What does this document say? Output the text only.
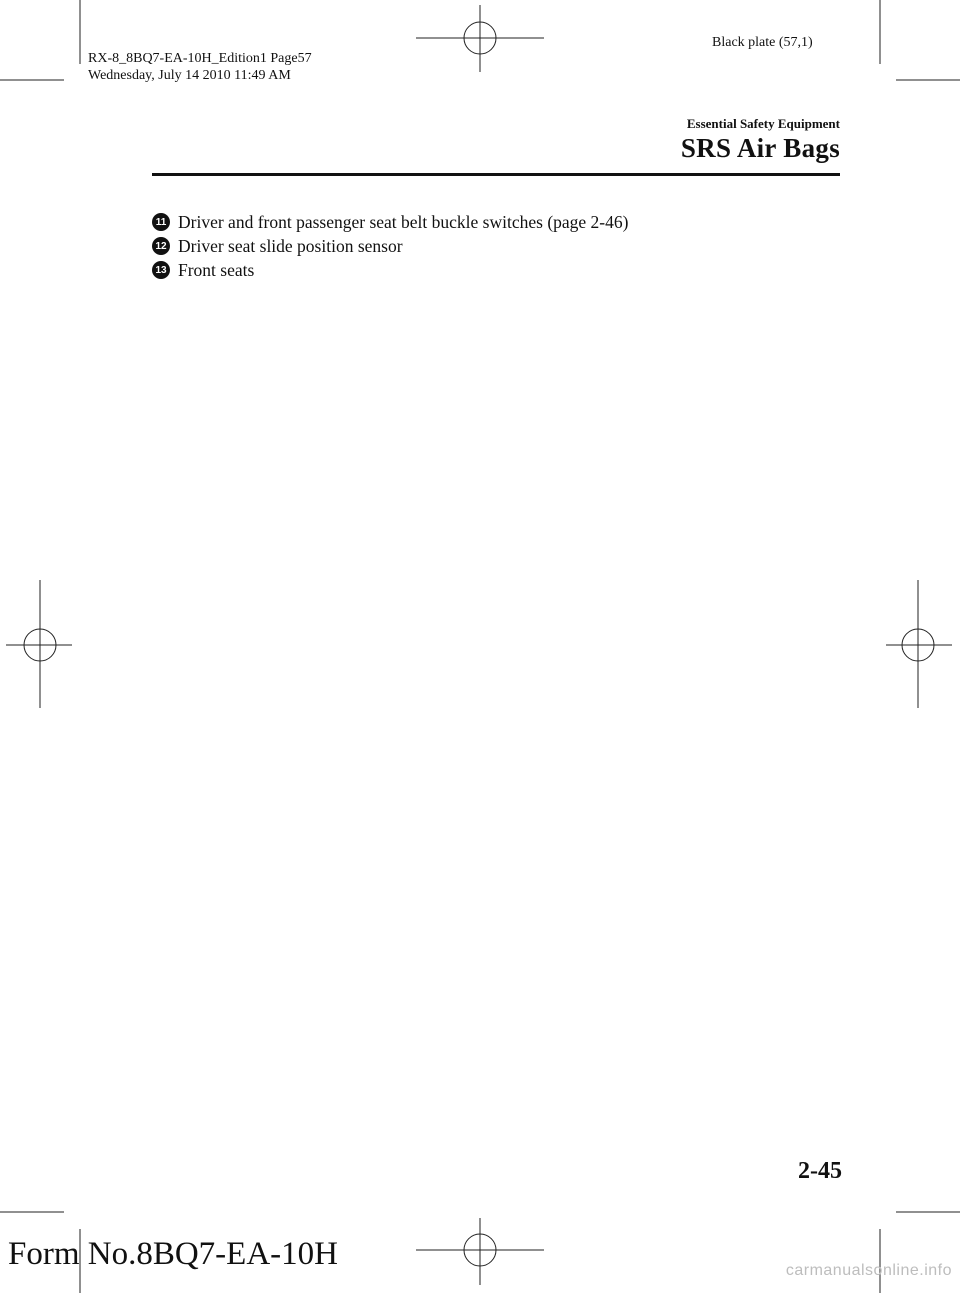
RX-8_8BQ7-EA-10H_Edition1 Page57
Wednesday, July 14 2010 11:49 AM
Black plate (57,1)
Essential Safety Equipment
SRS Air Bags
11 Driver and front passenger seat belt buckle switches (page 2-46)
12 Driver seat slide position sensor
13 Front seats
2-45
Form No.8BQ7-EA-10H	carmanualsonline.info
